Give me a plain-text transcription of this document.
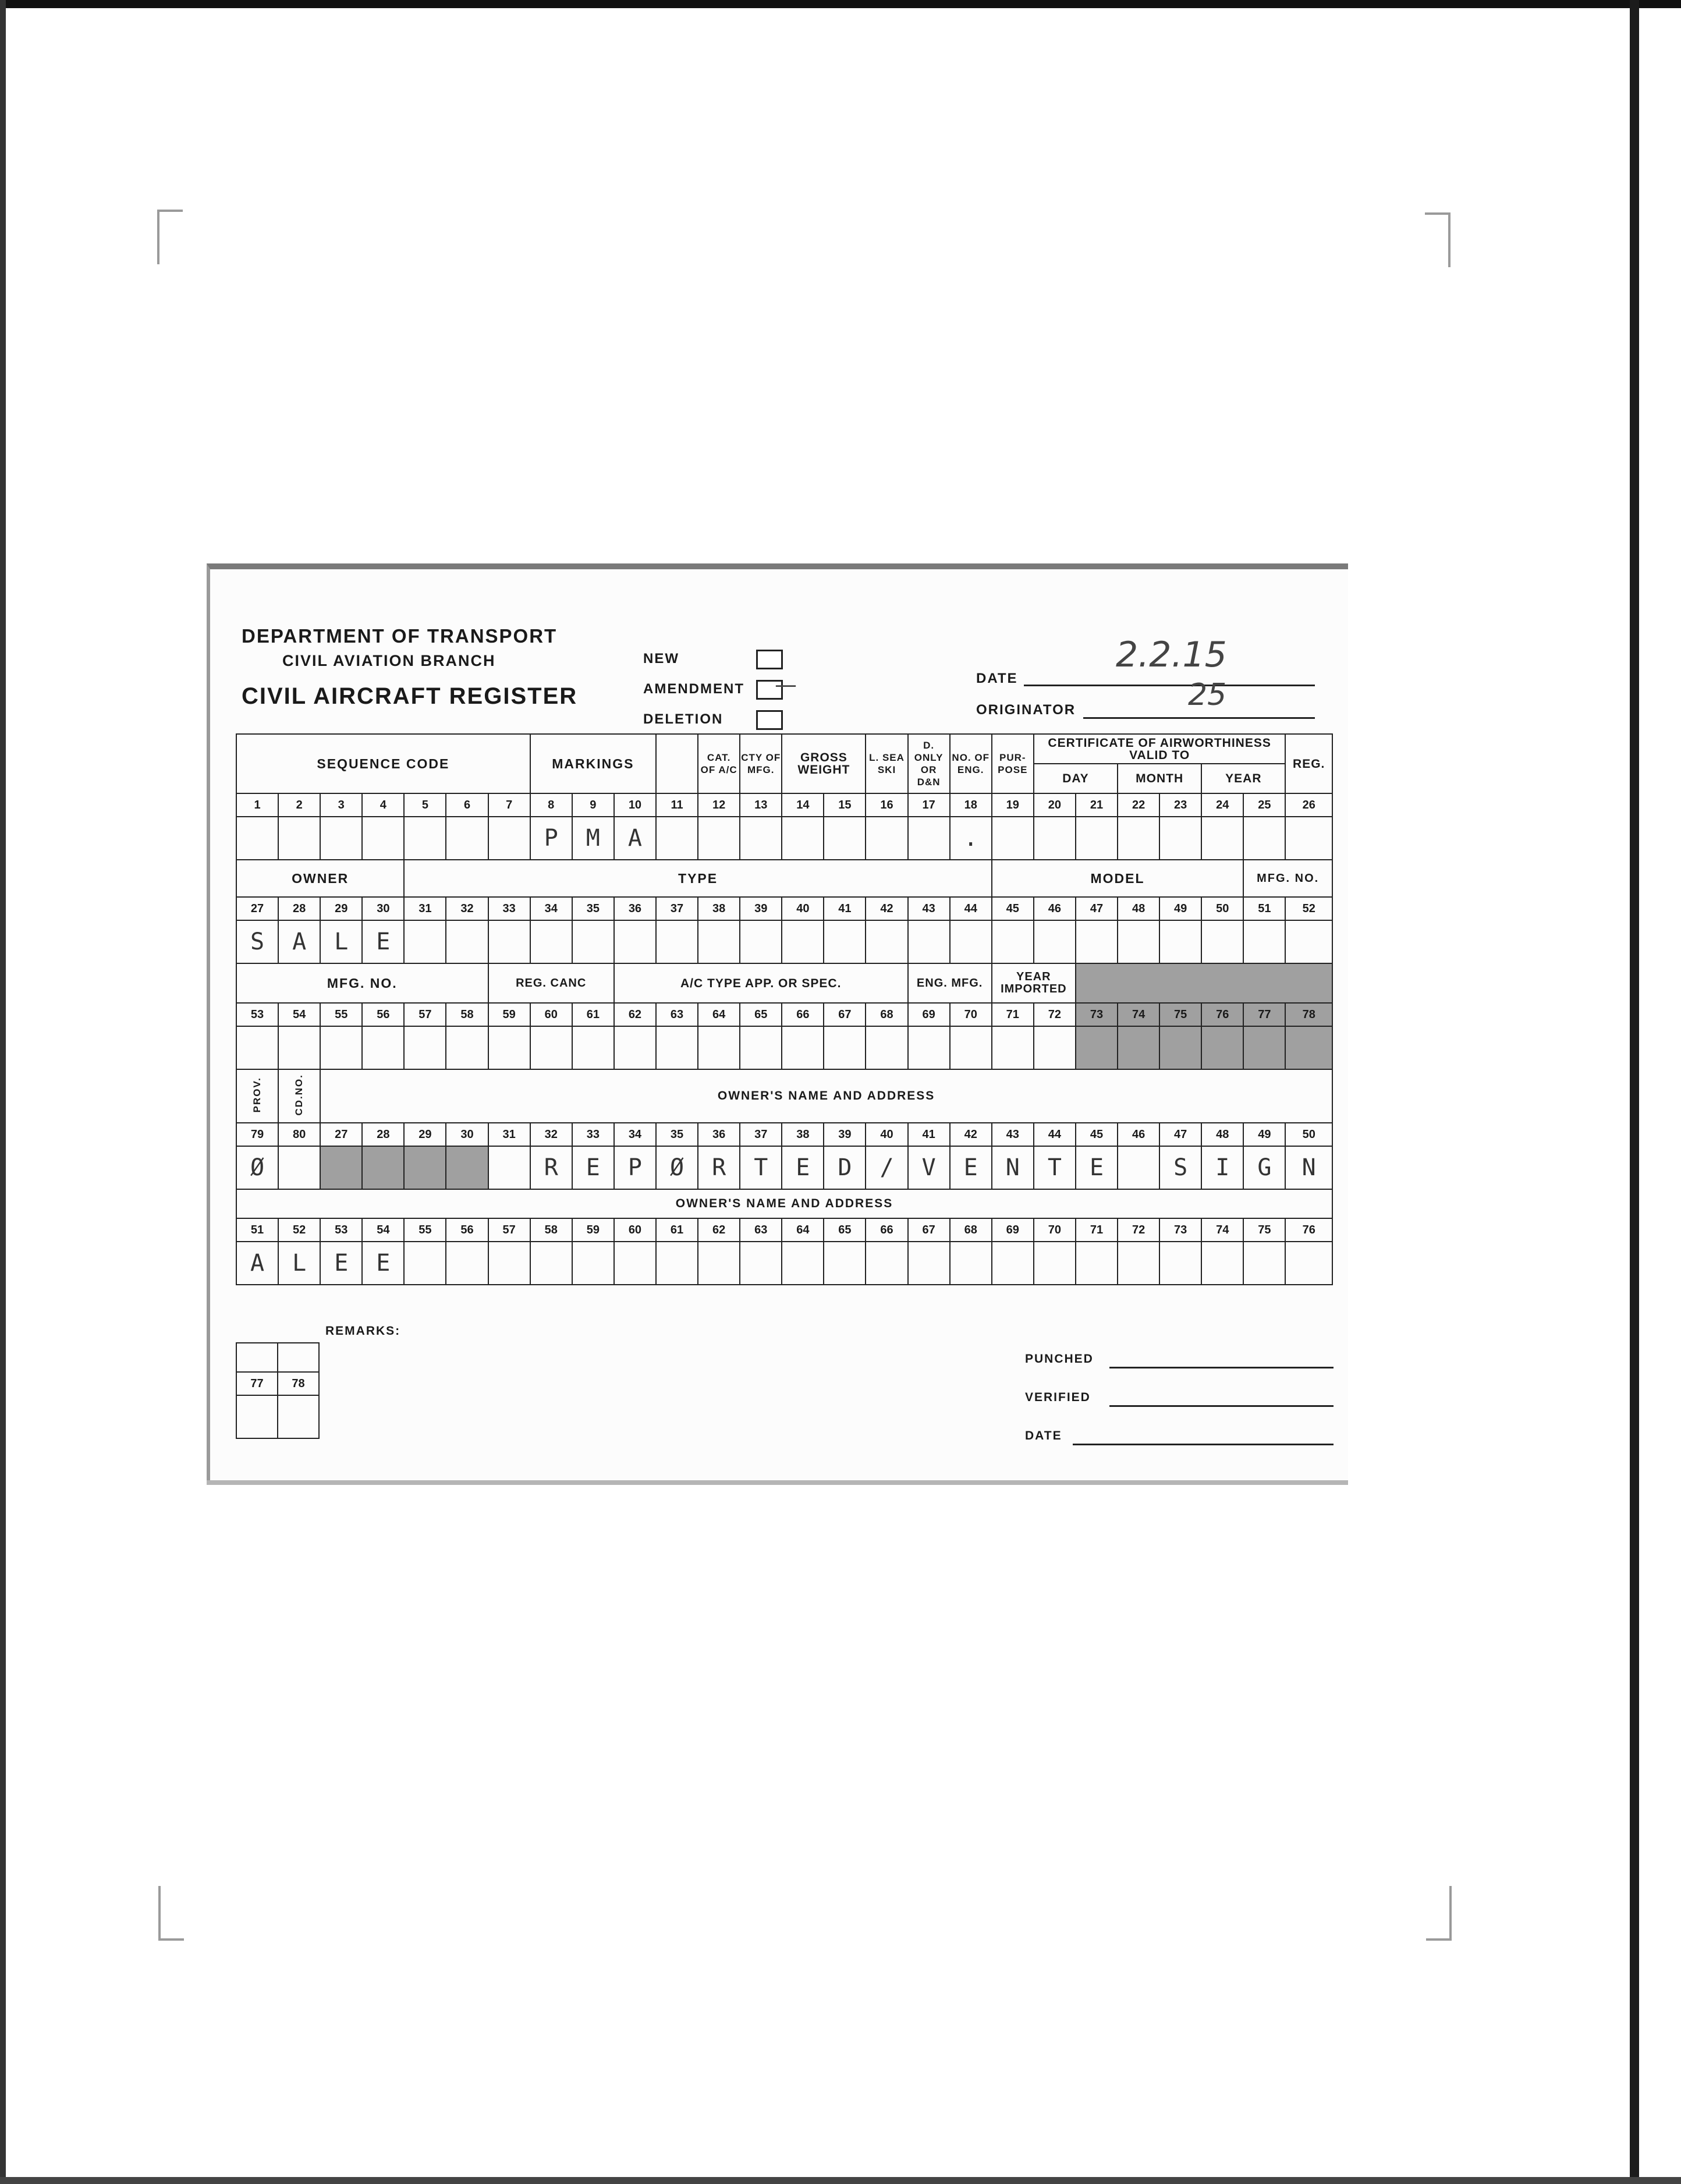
DEPARTMENT OF TRANSPORT
CIVIL AVIATION BRANCH
CIVIL AIRCRAFT REGISTER
NEW
AMENDMENT —
DELETION
DATE
2.2.15
ORIGINATOR	25
SEQUENCE CODE							MARKINGS				CAT. OF A/C	CTY OF MFG.	GROSS WEIGHT		L. SEA SKI	D. ONLY OR D&N	NO. OF ENG.	PUR- POSE	CERTIFICATE OF AIRWORTHINESS VALID TO						REG.
																			DAY		MONTH		YEAR		
1	2	3	4	5	6	7	8	9	10	11	12	13	14	15	16	17	18	19	20	21	22	23	24	25	26
							P	M	A								.								
OWNER				TYPE														MODEL						MFG. NO.	
27	28	29	30	31	32	33	34	35	36	37	38	39	40	41	42	43	44	45	46	47	48	49	50	51	52
S	A	L	E																						
MFG. NO.						REG. CANC			A/C TYPE APP. OR SPEC.							ENG. MFG.		YEAR IMPORTED							
53	54	55	56	57	58	59	60	61	62	63	64	65	66	67	68	69	70	71	72	73	74	75	76	77	78

PROV.	CD.NO.	OWNER'S NAME AND ADDRESS																							
79	80	27	28	29	30	31	32	33	34	35	36	37	38	39	40	41	42	43	44	45	46	47	48	49	50
Ø							R	E	P	Ø	R	T	E	D	/	V	E	N	T	E		S	I	G	N
OWNER'S NAME AND ADDRESS																									
51	52	53	54	55	56	57	58	59	60	61	62	63	64	65	66	67	68	69	70	71	72	73	74	75	76
A	L	E	E																						
REMARKS:

77	78

PUNCHED
VERIFIED
DATE
